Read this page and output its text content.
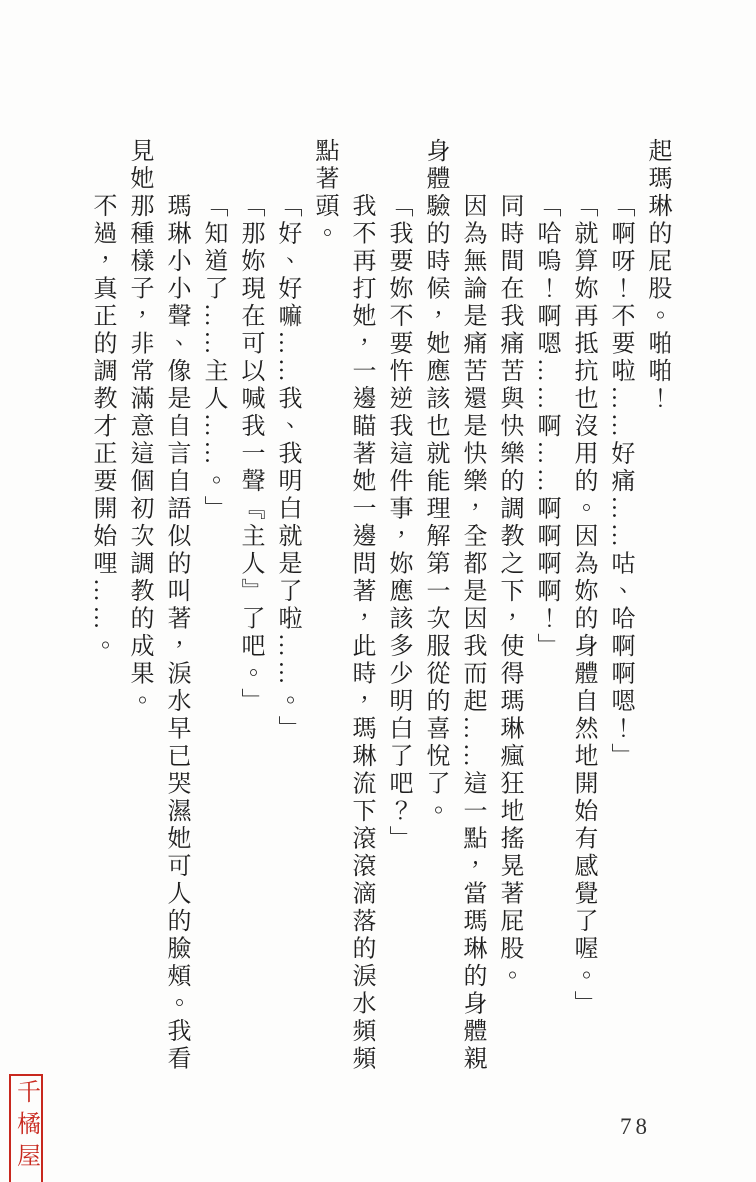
起瑪琳的屁股。啪啪！

「啊呀！不要啦……好痛……咕、哈啊啊嗯！」

「就算妳再抵抗也沒用的。因為妳的身體自然地開始有感覺了喔。」

「哈嗚！啊嗯……啊……啊啊啊啊！」

同時間在我痛苦與快樂的調教之下，使得瑪琳瘋狂地搖晃著屁股。

因為無論是痛苦還是快樂，全都是因我而起……這一點，當瑪琳的身體親身體驗的時候，她應該也就能理解第一次服從的喜悅了。

「我要妳不要忤逆我這件事，妳應該多少明白了吧？」

我不再打她，一邊瞄著她一邊問著，此時，瑪琳流下滾滾滴落的淚水頻頻點著頭。

「好、好嘛……我、我明白就是了啦……。」

「那妳現在可以喊我一聲『主人』了吧。」

「知道了……主人……。」

瑪琳小小聲、像是自言自語似的叫著，淚水早已哭濕她可人的臉頰。我看見她那種樣子，非常滿意這個初次調教的成果。

不過，真正的調教才正要開始哩……。

78
千橘屋
